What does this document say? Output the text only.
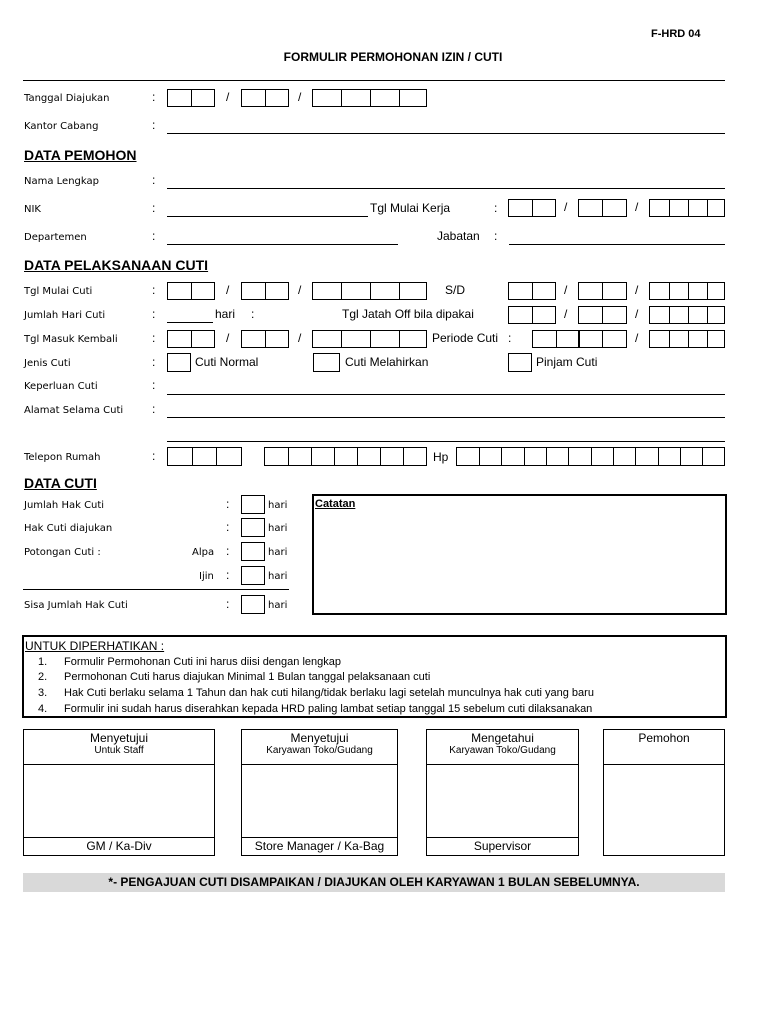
F-HRD 04
FORMULIR PERMOHONAN IZIN / CUTI
Tanggal Diajukan	:	/	/
Kantor Cabang	:
DATA PEMOHON
Nama Lengkap	:
NIK	:	Tgl Mulai Kerja	:	/	/
Departemen	:	Jabatan :
DATA PELAKSANAAN CUTI
Tgl Mulai Cuti	:	/	/	S/D	/	/
Jumlah Hari Cuti	:	hari :	Tgl Jatah Off bila dipakai	/	/
Tgl Masuk Kembali	:	/	/	Periode Cuti :	/
Jenis Cuti	:	Cuti Normal	Cuti Melahirkan	Pinjam Cuti
Keperluan Cuti	:
Alamat Selama Cuti :
Telepon Rumah	:	Hp
DATA CUTI
Jumlah Hak Cuti	:	hari
Hak Cuti diajukan	:	hari
Potongan Cuti :	Alpa :	hari
Ijin :	hari
Sisa Jumlah Hak Cuti	:	hari
Catatan
UNTUK DIPERHATIKAN :
1. Formulir Permohonan Cuti ini harus diisi dengan lengkap
2. Permohonan Cuti harus diajukan Minimal 1 Bulan tanggal pelaksanaan cuti
3. Hak Cuti berlaku selama 1 Tahun dan hak cuti hilang/tidak berlaku lagi setelah munculnya hak cuti yang baru
4. Formulir ini sudah harus diserahkan kepada HRD paling lambat setiap tanggal 15 sebelum cuti dilaksanakan
Menyetujui
Untuk Staff
GM / Ka-Div
Menyetujui
Karyawan Toko/Gudang
Store Manager / Ka-Bag
Mengetahui
Karyawan Toko/Gudang
Supervisor
Pemohon
*- PENGAJUAN CUTI DISAMPAIKAN / DIAJUKAN OLEH KARYAWAN 1 BULAN SEBELUMNYA.
